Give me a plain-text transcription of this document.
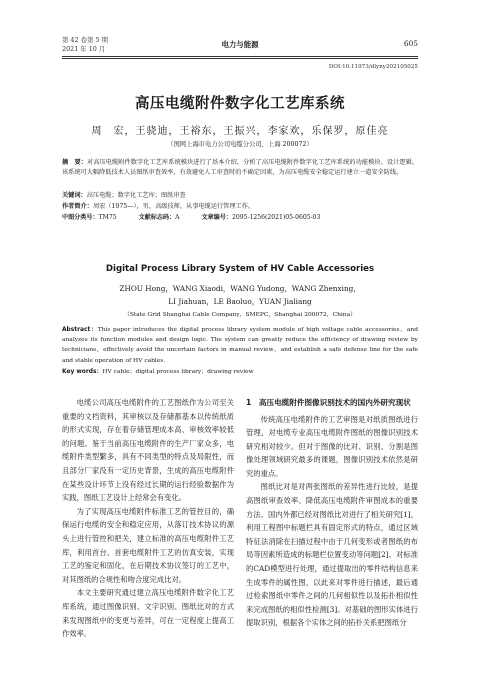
第 42 卷第 5 期
2021 年 10 月	电力与能源	605
DOI:10.11973/dlyny202105025
高压电缆附件数字化工艺库系统
周　宏，王骁迪，王裕东，王振兴，李家欢，乐保罗，原佳亮
（国网上海市电力公司电缆分公司，上海 200072）
摘　要：对高压电缆附件数字化工艺库系统模块进行了基本介绍，分析了高压电缆附件数字化工艺库系统的功能模块、设计逻辑。该系统可大幅降低技术人员图纸审查效率，有效避免人工审查时的不确定因素，为高压电缆安全稳定运行建立一道安全防线。
关键词：高压电缆；数字化工艺库；图纸审查
作者简介：周宏（1975—），男，高级技师，从事电缆运行管理工作。
中图分类号：TM75	文献标志码：A	文章编号：2095-1256(2021)05-0605-03
Digital Process Library System of HV Cable Accessories
ZHOU Hong，WANG Xiaodi，WANG Yudong，WANG Zhenxing，
LI Jiahuan，LE Baoluo，YUAN Jialiang
（State Grid Shanghai Cable Company，SMEPC，Shanghai 200072，China）
Abstract：This paper introduces the digital process library system module of high voltage cable accessories，and analyzes its function modules and design logic. The system can greatly reduce the efficiency of drawing review by technicians，effectively avoid the uncertain factors in manual review，and establish a safe defense line for the safe and stable operation of HV cables.
Key words：HV cable；digital process library；drawing review

电缆公司高压电缆附件的工艺图纸作为公司至关重要的文档资料，其审核以及存储都基本以传统纸质的形式实现，存在着存储管理成本高、审核效率较低的问题。鉴于当前高压电缆附件的生产厂家众多，电缆附件类型繁多，具有不同类型的特点及局限性，而且部分厂家没有一定历史背景，生成的高压电缆附件在某些设计环节上没有经过长期的运行经验数据作为实践，图纸工艺设计上经常会有变化。

为了实现高压电缆附件标准工艺的管控目的，确保运行电缆的安全和稳定应用，从落订技术协议的源头上进行管控和把关，建立标准的高压电缆附件工艺库，利用首台、首套电缆附件工艺的仿真安装，实现工艺的鉴定和固化，在后期技术协议签订的工艺中，对其图纸的合规性和吻合度完成比对。

本文主要研究通过建立高压电缆附件数字化工艺库系统，通过图像识别、文字识别、图纸比对的方式来发现图纸中的变更与差异，可在一定程度上提高工作效率。

1　高压电缆附件图像识别技术的国内外研究现状

传统高压电缆附件的工艺审图是对纸质图纸进行管理，对电缆专业高压电缆附件图纸的图像识别技术研究相对较少。但对于图像的比对、识别、分割是图像处理领域研究最多的课题，图像识别技术依然是研究的重点。

图纸比对是对两张图纸的差异性进行比较，是提高图纸审查效率、降低高压电缆附件审图成本的重要方法。国内外都已经对图纸比对进行了相关研究[1]，利用工程图中标题栏具有固定形式的特点，通过区域特征法消除在扫描过程中由于几何变形或者图纸的布局等因素所造成的标题栏位置变动等问题[2]。对标准的CAD模型进行处理，通过提取出的零件结构信息来生成零件的属性图，以此来对零件进行描述，最后通过检索图纸中零件之间的几何相似性以及拓扑相似性来完成图纸的相似性检测[3]。对基础的图形实体进行提取识别，根据各个实体之间的拓扑关系把图纸分
